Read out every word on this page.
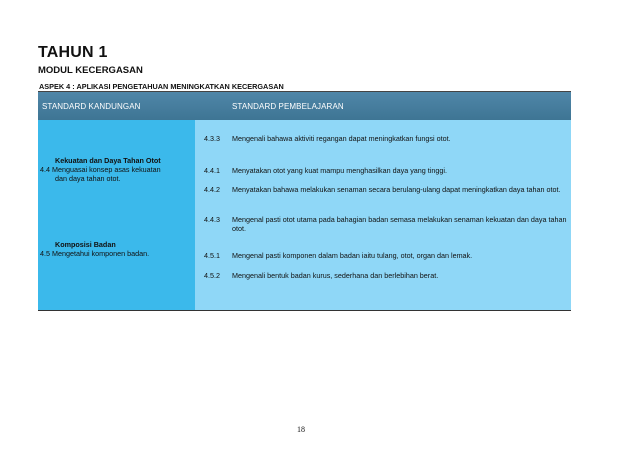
TAHUN 1
MODUL KECERGASAN
ASPEK 4 : APLIKASI PENGETAHUAN MENINGKATKAN KECERGASAN
STANDARD KANDUNGAN	STANDARD PEMBELAJARAN
Kekuatan dan Daya Tahan Otot
4.4 Menguasai konsep asas kekuatan
dan daya tahan otot.
Komposisi Badan
4.5 Mengetahui komponen badan.
4.3.3 Mengenali bahawa aktiviti regangan dapat meningkatkan fungsi otot.
4.4.1 Menyatakan otot yang kuat mampu menghasilkan daya yang tinggi.
4.4.2 Menyatakan bahawa melakukan senaman secara berulang-ulang dapat meningkatkan daya tahan otot.
4.4.3 Mengenal pasti otot utama pada bahagian badan semasa melakukan senaman kekuatan dan daya tahan otot.
4.5.1 Mengenal pasti komponen dalam badan iaitu tulang, otot, organ dan lemak.
4.5.2 Mengenali bentuk badan kurus, sederhana dan berlebihan berat.
18
